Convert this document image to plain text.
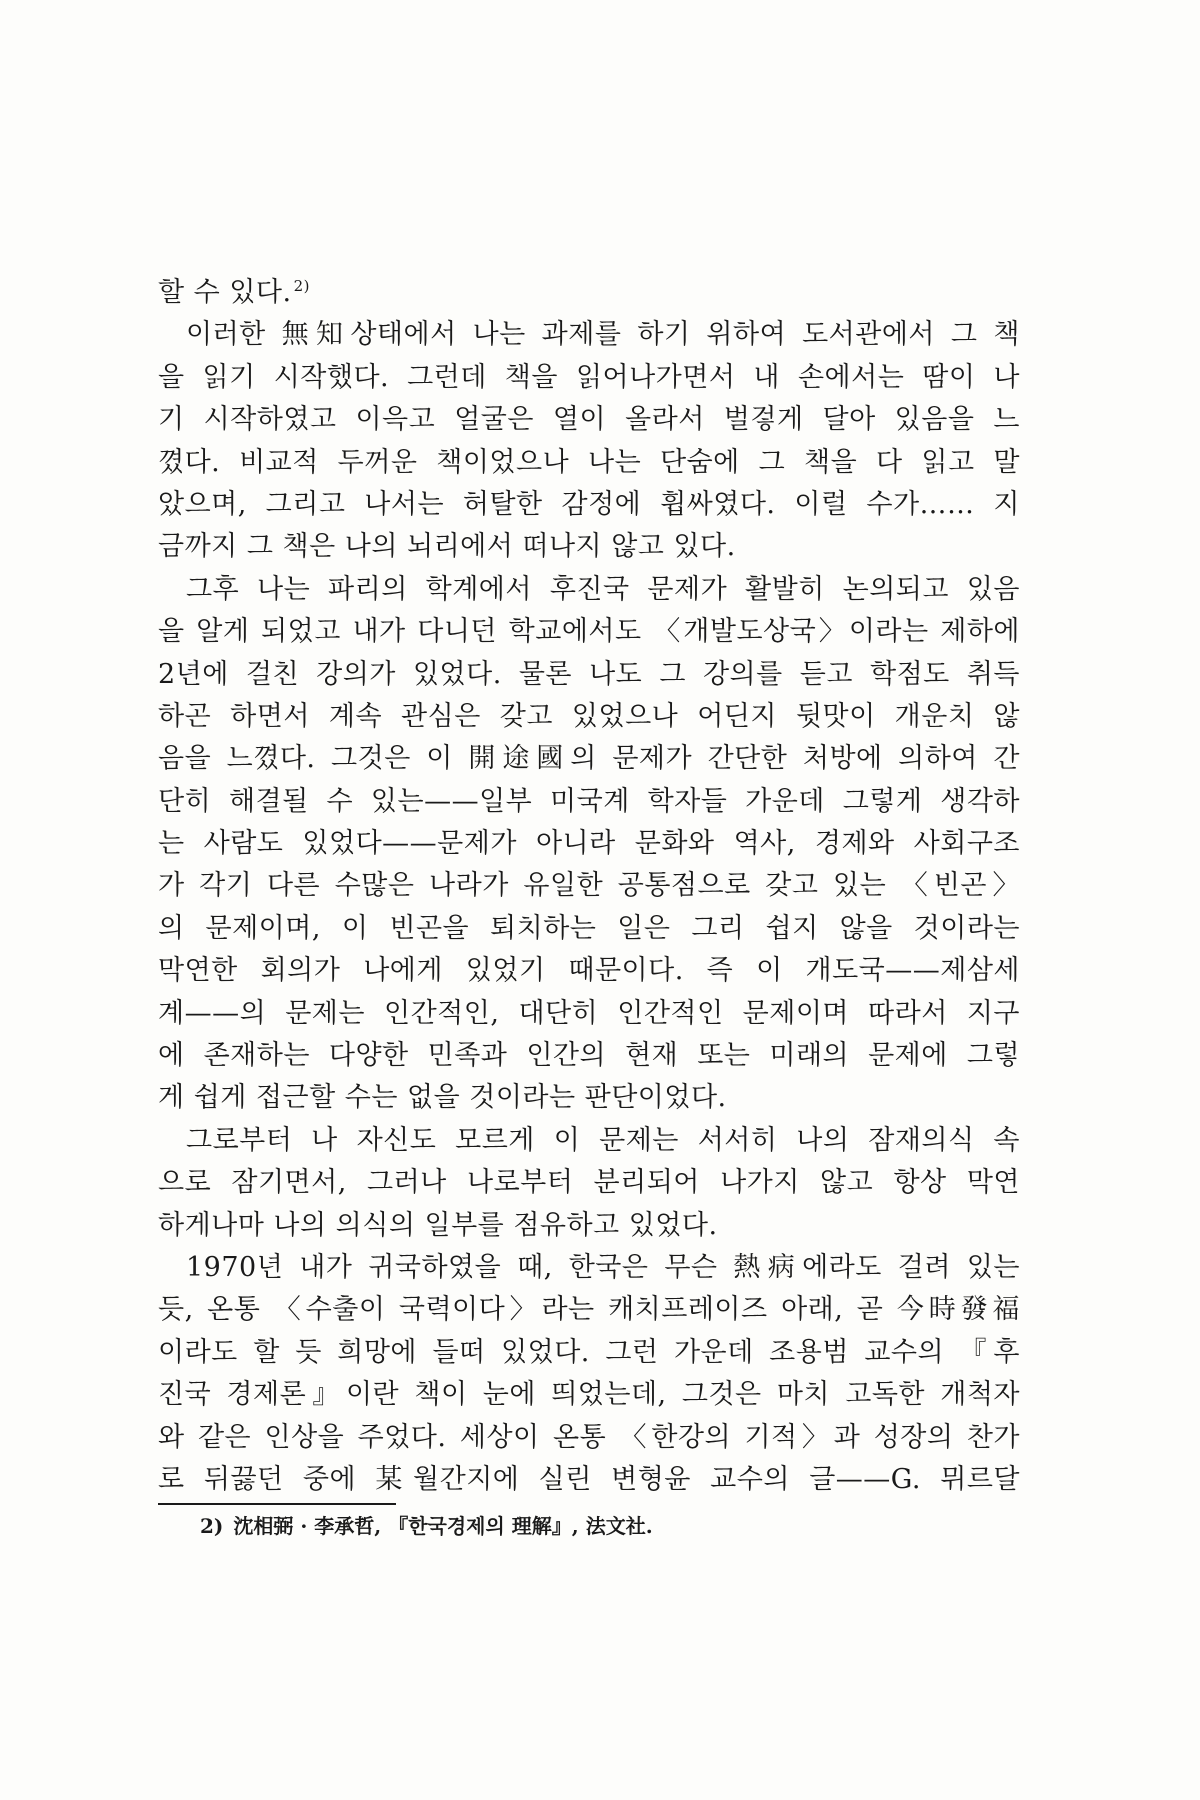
할 수 있다. $^{2)}$
이러한 無知상태에서 나는 과제를 하기 위하여 도서관에서 그 책
을 읽기 시작했다. 그런데 책을 읽어나가면서 내 손에서는 땀이 나
기 시작하였고 이윽고 얼굴은 열이 올라서 벌겋게 달아 있음을 느
꼈다. 비교적 두꺼운 책이었으나 나는 단숨에 그 책을 다 읽고 말
았으며, 그리고 나서는 허탈한 감정에 휩싸였다. 이럴 수가…… 지
금까지 그 책은 나의 뇌리에서 떠나지 않고 있다.
그후 나는 파리의 학계에서 후진국 문제가 활발히 논의되고 있음
을 알게 되었고 내가 다니던 학교에서도 〈개발도상국〉이라는 제하에
2년에 걸친 강의가 있었다. 물론 나도 그 강의를 듣고 학점도 취득
하곤 하면서 계속 관심은 갖고 있었으나 어딘지 뒷맛이 개운치 않
음을 느꼈다. 그것은 이 開途國의 문제가 간단한 처방에 의하여 간
단히 해결될 수 있는——일부 미국계 학자들 가운데 그렇게 생각하
는 사람도 있었다——문제가 아니라 문화와 역사, 경제와 사회구조
가 각기 다른 수많은 나라가 유일한 공통점으로 갖고 있는 〈빈곤〉
의 문제이며, 이 빈곤을 퇴치하는 일은 그리 쉽지 않을 것이라는
막연한 회의가 나에게 있었기 때문이다. 즉 이 개도국——제삼세
계——의 문제는 인간적인, 대단히 인간적인 문제이며 따라서 지구
에 존재하는 다양한 민족과 인간의 현재 또는 미래의 문제에 그렇
게 쉽게 접근할 수는 없을 것이라는 판단이었다.
그로부터 나 자신도 모르게 이 문제는 서서히 나의 잠재의식 속
으로 잠기면서, 그러나 나로부터 분리되어 나가지 않고 항상 막연
하게나마 나의 의식의 일부를 점유하고 있었다.
1970년 내가 귀국하였을 때, 한국은 무슨 熱病에라도 걸려 있는
듯, 온통 〈수출이 국력이다〉라는 캐치프레이즈 아래, 곧 今時發福
이라도 할 듯 희망에 들떠 있었다. 그런 가운데 조용범 교수의 『후
진국 경제론』이란 책이 눈에 띄었는데, 그것은 마치 고독한 개척자
와 같은 인상을 주었다. 세상이 온통 〈한강의 기적〉과 성장의 찬가
로 뒤끓던 중에 某월간지에 실린 변형윤 교수의 글——G. 뮈르달
2) 沈相弼 · 李承哲, 『한국경제의 理解』, 法文社.
